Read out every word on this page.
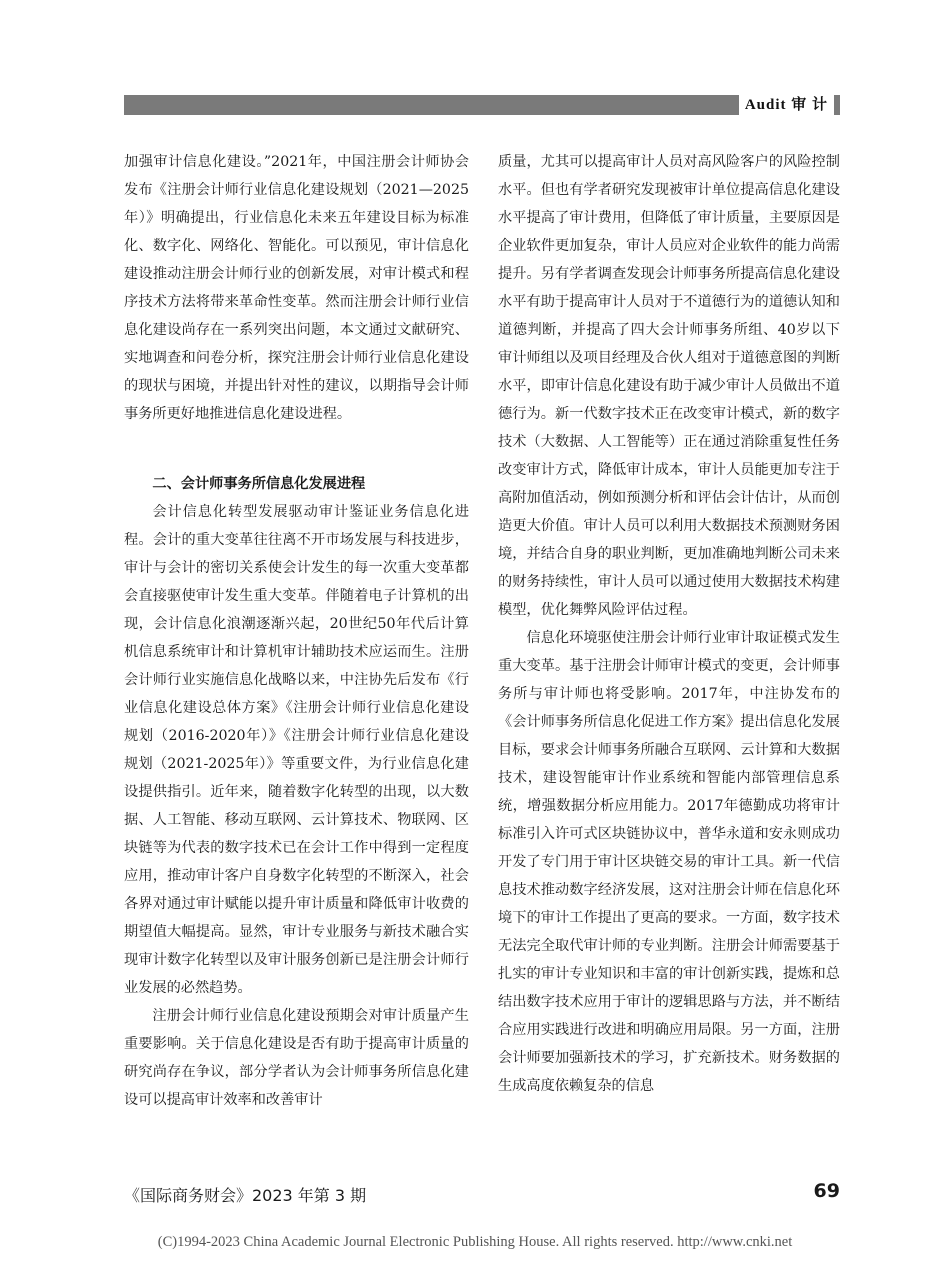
Audit 审 计

加强审计信息化建设。”2021年，中国注册会计师协会发布《注册会计师行业信息化建设规划（2021—2025年）》明确提出，行业信息化未来五年建设目标为标准化、数字化、网络化、智能化。可以预见，审计信息化建设推动注册会计师行业的创新发展，对审计模式和程序技术方法将带来革命性变革。然而注册会计师行业信息化建设尚存在一系列突出问题，本文通过文献研究、实地调查和问卷分析，探究注册会计师行业信息化建设的现状与困境，并提出针对性的建议，以期指导会计师事务所更好地推进信息化建设进程。

二、会计师事务所信息化发展进程

会计信息化转型发展驱动审计鉴证业务信息化进程。会计的重大变革往往离不开市场发展与科技进步，审计与会计的密切关系使会计发生的每一次重大变革都会直接驱使审计发生重大变革。伴随着电子计算机的出现，会计信息化浪潮逐渐兴起，20世纪50年代后计算机信息系统审计和计算机审计辅助技术应运而生。注册会计师行业实施信息化战略以来，中注协先后发布《行业信息化建设总体方案》《注册会计师行业信息化建设规划（2016-2020年）》《注册会计师行业信息化建设规划（2021-2025年）》等重要文件，为行业信息化建设提供指引。近年来，随着数字化转型的出现，以大数据、人工智能、移动互联网、云计算技术、物联网、区块链等为代表的数字技术已在会计工作中得到一定程度应用，推动审计客户自身数字化转型的不断深入，社会各界对通过审计赋能以提升审计质量和降低审计收费的期望值大幅提高。显然，审计专业服务与新技术融合实现审计数字化转型以及审计服务创新已是注册会计师行业发展的必然趋势。

注册会计师行业信息化建设预期会对审计质量产生重要影响。关于信息化建设是否有助于提高审计质量的研究尚存在争议，部分学者认为会计师事务所信息化建设可以提高审计效率和改善审计

质量，尤其可以提高审计人员对高风险客户的风险控制水平。但也有学者研究发现被审计单位提高信息化建设水平提高了审计费用，但降低了审计质量，主要原因是企业软件更加复杂，审计人员应对企业软件的能力尚需提升。另有学者调查发现会计师事务所提高信息化建设水平有助于提高审计人员对于不道德行为的道德认知和道德判断，并提高了四大会计师事务所组、40岁以下审计师组以及项目经理及合伙人组对于道德意图的判断水平，即审计信息化建设有助于减少审计人员做出不道德行为。新一代数字技术正在改变审计模式，新的数字技术（大数据、人工智能等）正在通过消除重复性任务改变审计方式，降低审计成本，审计人员能更加专注于高附加值活动，例如预测分析和评估会计估计，从而创造更大价值。审计人员可以利用大数据技术预测财务困境，并结合自身的职业判断，更加准确地判断公司未来的财务持续性，审计人员可以通过使用大数据技术构建模型，优化舞弊风险评估过程。

信息化环境驱使注册会计师行业审计取证模式发生重大变革。基于注册会计师审计模式的变更，会计师事务所与审计师也将受影响。2017年，中注协发布的《会计师事务所信息化促进工作方案》提出信息化发展目标，要求会计师事务所融合互联网、云计算和大数据技术，建设智能审计作业系统和智能内部管理信息系统，增强数据分析应用能力。2017年德勤成功将审计标准引入许可式区块链协议中，普华永道和安永则成功开发了专门用于审计区块链交易的审计工具。新一代信息技术推动数字经济发展，这对注册会计师在信息化环境下的审计工作提出了更高的要求。一方面，数字技术无法完全取代审计师的专业判断。注册会计师需要基于扎实的审计专业知识和丰富的审计创新实践，提炼和总结出数字技术应用于审计的逻辑思路与方法，并不断结合应用实践进行改进和明确应用局限。另一方面，注册会计师要加强新技术的学习，扩充新技术。财务数据的生成高度依赖复杂的信息

《国际商务财会》2023 年第 3 期	69
(C)1994-2023 China Academic Journal Electronic Publishing House. All rights reserved. http://www.cnki.net
